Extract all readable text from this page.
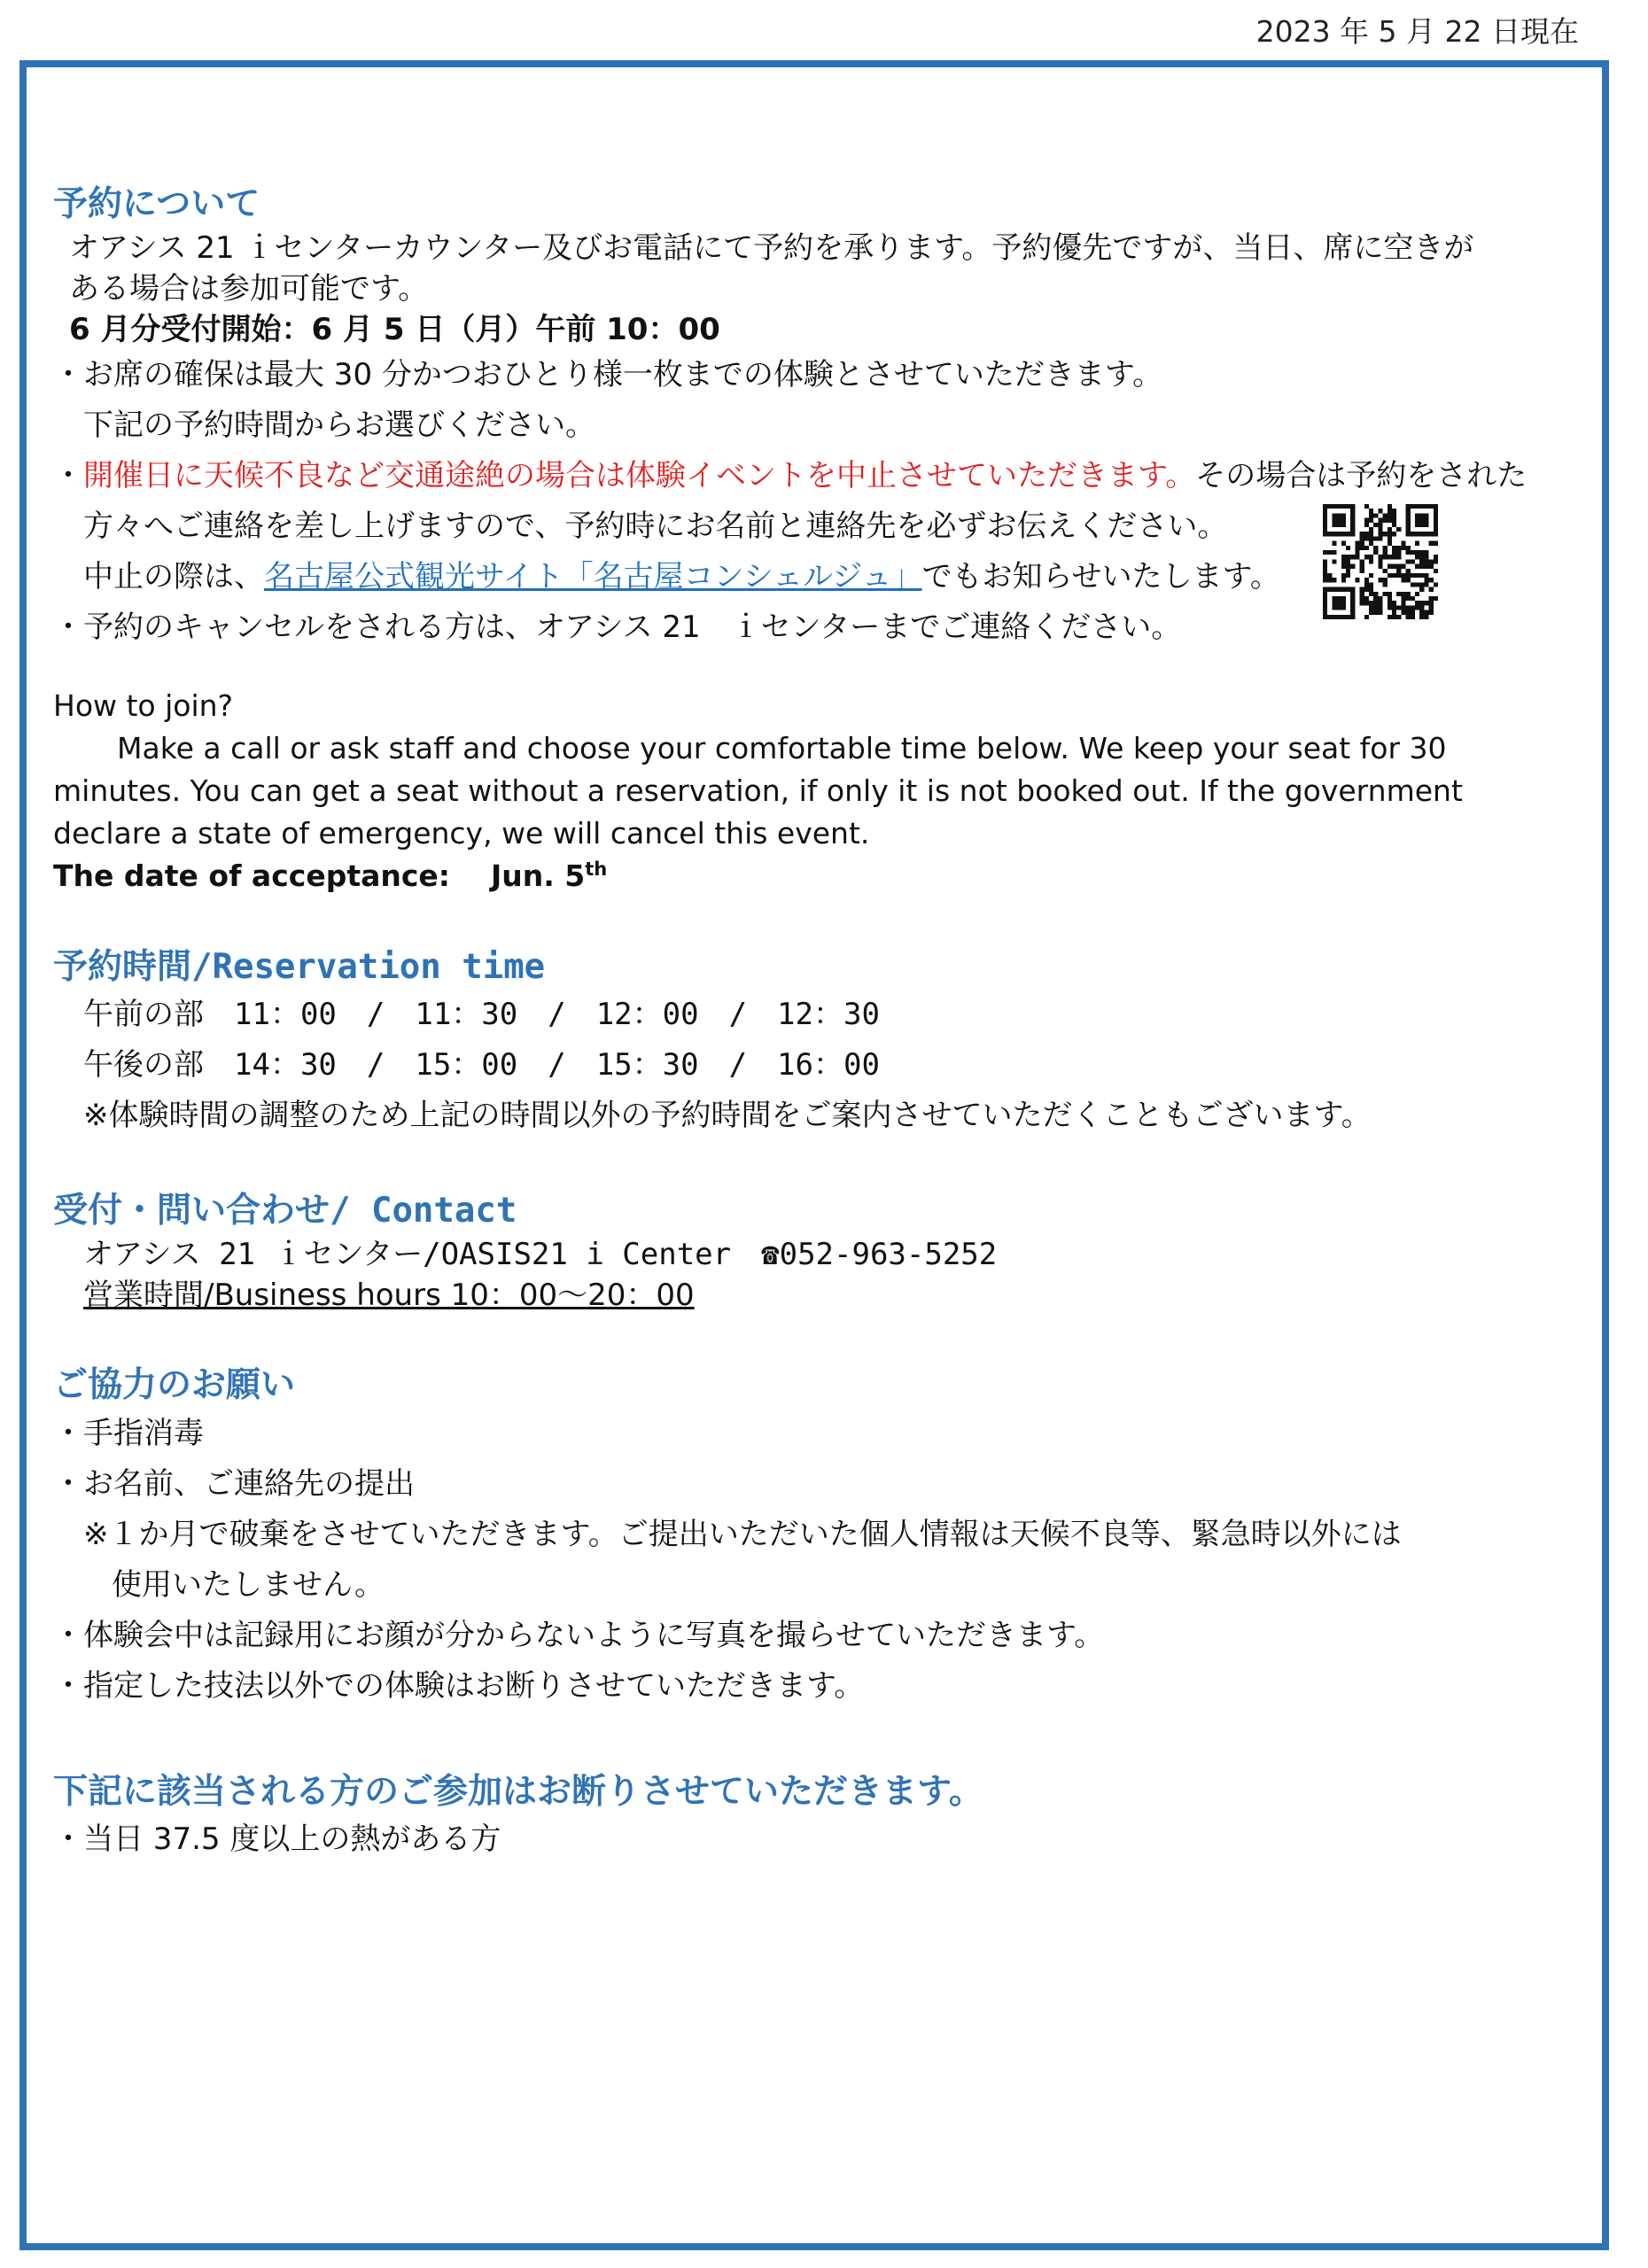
2023 年 5 月 22 日現在
予約について
オアシス 21 ｉセンターカウンター及びお電話にて予約を承ります。予約優先ですが、当日、席に空きが
ある場合は参加可能です。
6 月分受付開始：6 月 5 日（月）午前 10：00
・お席の確保は最大 30 分かつおひとり様一枚までの体験とさせていただきます。
下記の予約時間からお選びください。
・開催日に天候不良など交通途絶の場合は体験イベントを中止させていただきます。その場合は予約をされた
方々へご連絡を差し上げますので、予約時にお名前と連絡先を必ずお伝えください。
中止の際は、名古屋公式観光サイト「名古屋コンシェルジュ」でもお知らせいたします。
・予約のキャンセルをされる方は、オアシス 21　ｉセンターまでご連絡ください。
How to join?
Make a call or ask staff and choose your comfortable time below. We keep your seat for 30 minutes. You can get a seat without a reservation, if only it is not booked out. If the government declare a state of emergency, we will cancel this event.
The date of acceptance: Jun. 5th
予約時間/Reservation time
午前の部　11：00　/　11：30　/　12：00　/　12：30
午後の部　14：30　/　15：00　/　15：30　/　16：00
※体験時間の調整のため上記の時間以外の予約時間をご案内させていただくこともございます。
受付・問い合わせ/ Contact
オアシス 21 ｉセンター/OASIS21 i Center　☎052-963-5252
営業時間/Business hours 10：00～20：00
ご協力のお願い
・手指消毒
・お名前、ご連絡先の提出
※１か月で破棄をさせていただきます。ご提出いただいた個人情報は天候不良等、緊急時以外には
使用いたしません。
・体験会中は記録用にお顔が分からないように写真を撮らせていただきます。
・指定した技法以外での体験はお断りさせていただきます。
下記に該当される方のご参加はお断りさせていただきます。
・当日 37.5 度以上の熱がある方
